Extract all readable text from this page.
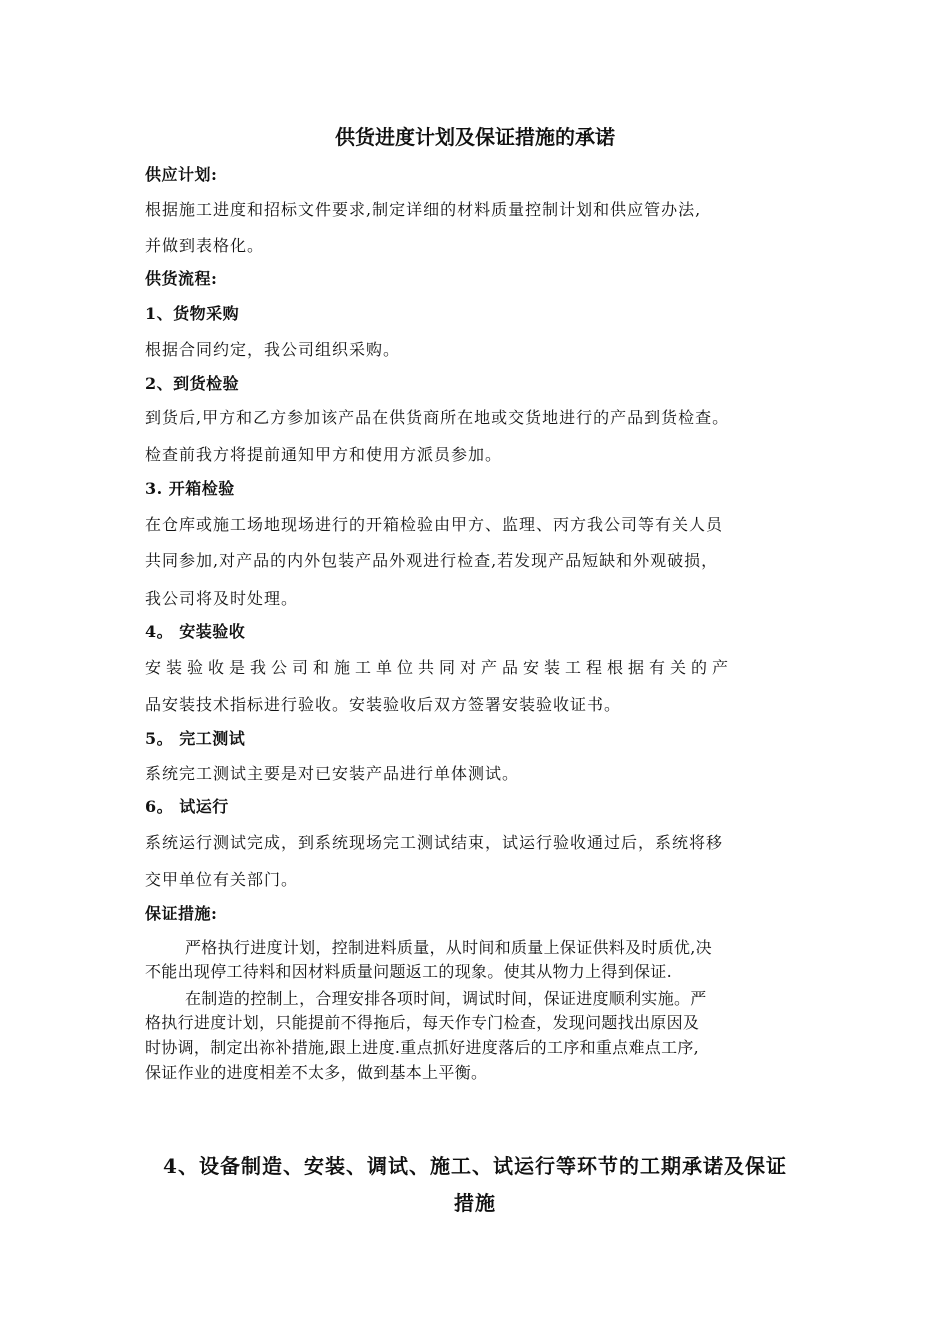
供货进度计划及保证措施的承诺
供应计划:
根据施工进度和招标文件要求,制定详细的材料质量控制计划和供应管办法,
并做到表格化。
供货流程:
1、货物采购
根据合同约定，我公司组织采购。
2、到货检验
到货后,甲方和乙方参加该产品在供货商所在地或交货地进行的产品到货检查。
检查前我方将提前通知甲方和使用方派员参加。
3. 开箱检验
在仓库或施工场地现场进行的开箱检验由甲方、监理、丙方我公司等有关人员
共同参加,对产品的内外包装产品外观进行检查,若发现产品短缺和外观破损，
我公司将及时处理。
4。 安装验收
安装验收是我公司和施工单位共同对产品安装工程根据有关的产
品安装技术指标进行验收。安装验收后双方签署安装验收证书。
5。 完工测试
系统完工测试主要是对已安装产品进行单体测试。
6。 试运行
系统运行测试完成，到系统现场完工测试结束，试运行验收通过后，系统将移
交甲单位有关部门。
保证措施:
严格执行进度计划，控制进料质量，从时间和质量上保证供料及时质优,决
不能出现停工待料和因材料质量问题返工的现象。使其从物力上得到保证.
在制造的控制上，合理安排各项时间，调试时间，保证进度顺利实施。严
格执行进度计划，只能提前不得拖后，每天作专门检查，发现问题找出原因及
时协调，制定出祢补措施,跟上进度.重点抓好进度落后的工序和重点难点工序,
保证作业的进度相差不太多，做到基本上平衡。
4、设备制造、安装、调试、施工、试运行等环节的工期承诺及保证
措施
